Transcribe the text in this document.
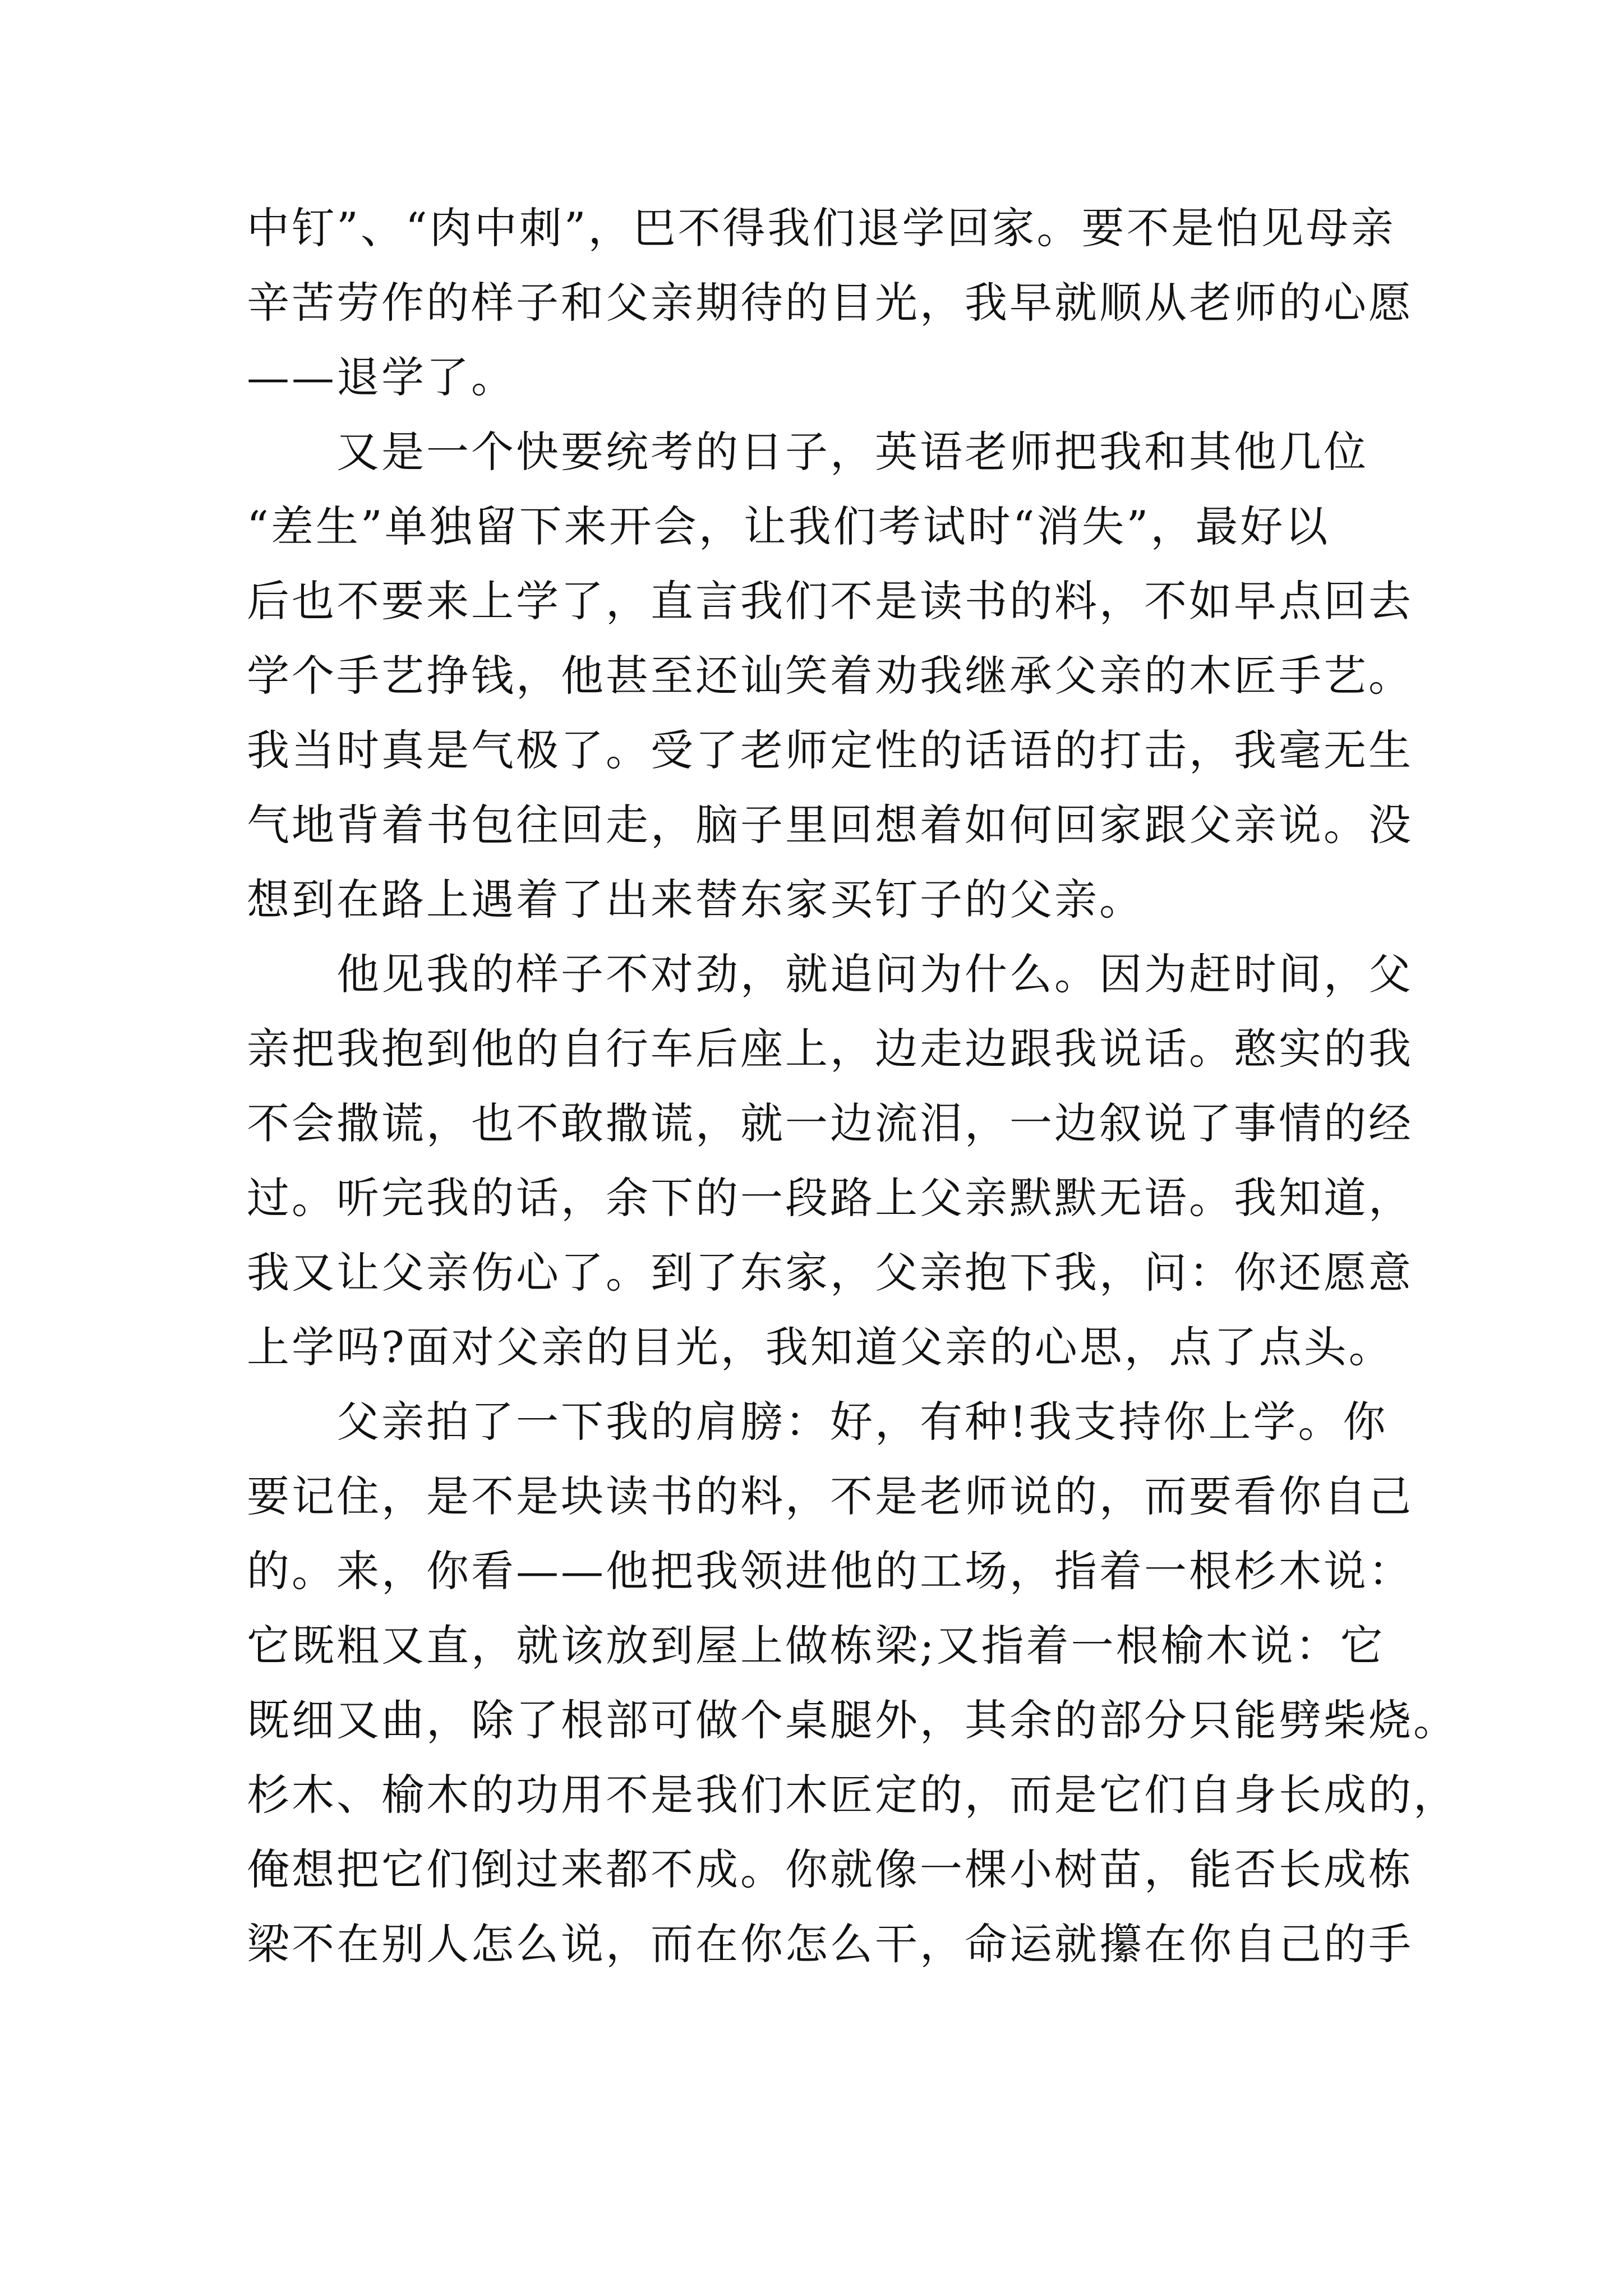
中钉”、“肉中刺”，巴不得我们退学回家。要不是怕见母亲
辛苦劳作的样子和父亲期待的目光，我早就顺从老师的心愿
——退学了。
　　又是一个快要统考的日子，英语老师把我和其他几位
“差生”单独留下来开会，让我们考试时“消失”，最好以
后也不要来上学了，直言我们不是读书的料，不如早点回去
学个手艺挣钱，他甚至还讪笑着劝我继承父亲的木匠手艺。
我当时真是气极了。受了老师定性的话语的打击，我毫无生
气地背着书包往回走，脑子里回想着如何回家跟父亲说。没
想到在路上遇着了出来替东家买钉子的父亲。
　　他见我的样子不对劲，就追问为什么。因为赶时间，父
亲把我抱到他的自行车后座上，边走边跟我说话。憨实的我
不会撒谎，也不敢撒谎，就一边流泪，一边叙说了事情的经
过。听完我的话，余下的一段路上父亲默默无语。我知道，
我又让父亲伤心了。到了东家，父亲抱下我，问：你还愿意
上学吗?面对父亲的目光，我知道父亲的心思，点了点头。
　　父亲拍了一下我的肩膀：好，有种!我支持你上学。你
要记住，是不是块读书的料，不是老师说的，而要看你自己
的。来，你看——他把我领进他的工场，指着一根杉木说：
它既粗又直，就该放到屋上做栋梁;又指着一根榆木说：它
既细又曲，除了根部可做个桌腿外，其余的部分只能劈柴烧。
杉木、榆木的功用不是我们木匠定的，而是它们自身长成的，
俺想把它们倒过来都不成。你就像一棵小树苗，能否长成栋
梁不在别人怎么说，而在你怎么干，命运就攥在你自己的手
